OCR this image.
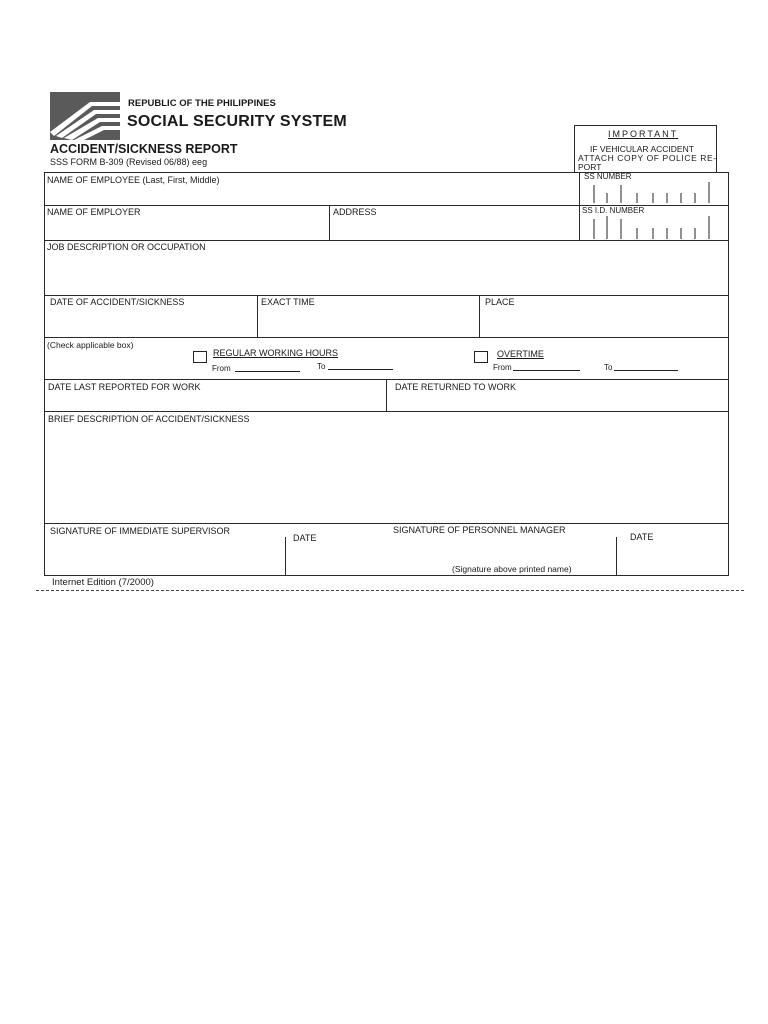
REPUBLIC OF THE PHILIPPINES
SOCIAL SECURITY SYSTEM
ACCIDENT/SICKNESS REPORT
SSS FORM B-309 (Revised 06/88) eeg
IMPORTANT
IF VEHICULAR ACCIDENT
ATTACH COPY OF POLICE RE-
PORT
NAME OF EMPLOYEE (Last, First, Middle)	SS NUMBER
NAME OF EMPLOYER	ADDRESS	SS I.D. NUMBER
JOB DESCRIPTION OR OCCUPATION
DATE OF ACCIDENT/SICKNESS	EXACT TIME	PLACE
(Check applicable box)
REGULAR WORKING HOURS
From	To
OVERTIME
From	To
DATE LAST REPORTED FOR WORK	DATE RETURNED TO WORK
BRIEF DESCRIPTION OF ACCIDENT/SICKNESS
SIGNATURE OF IMMEDIATE SUPERVISOR
DATE
SIGNATURE OF PERSONNEL MANAGER
DATE
(Signature above printed name)
Internet Edition (7/2000)
